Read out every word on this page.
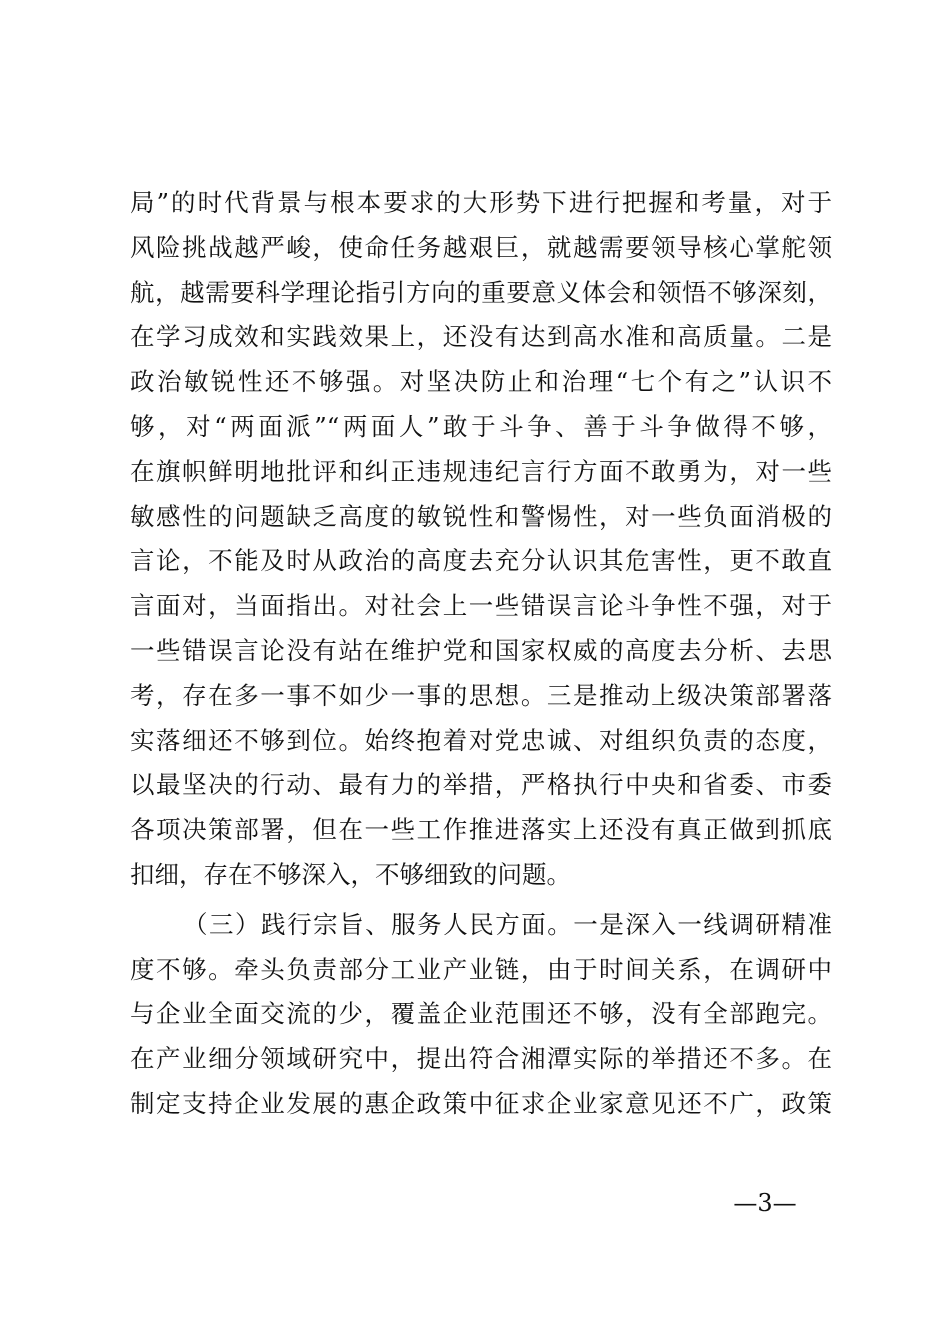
局”的时代背景与根本要求的大形势下进行把握和考量，对于
风险挑战越严峻，使命任务越艰巨，就越需要领导核心掌舵领
航，越需要科学理论指引方向的重要意义体会和领悟不够深刻，
在学习成效和实践效果上，还没有达到高水准和高质量。二是
政治敏锐性还不够强。对坚决防止和治理“七个有之”认识不
够，对“两面派”“两面人”敢于斗争、善于斗争做得不够，
在旗帜鲜明地批评和纠正违规违纪言行方面不敢勇为，对一些
敏感性的问题缺乏高度的敏锐性和警惕性，对一些负面消极的
言论，不能及时从政治的高度去充分认识其危害性，更不敢直
言面对，当面指出。对社会上一些错误言论斗争性不强，对于
一些错误言论没有站在维护党和国家权威的高度去分析、去思
考，存在多一事不如少一事的思想。三是推动上级决策部署落
实落细还不够到位。始终抱着对党忠诚、对组织负责的态度，
以最坚决的行动、最有力的举措，严格执行中央和省委、市委
各项决策部署，但在一些工作推进落实上还没有真正做到抓底
扣细，存在不够深入，不够细致的问题。
（三）践行宗旨、服务人民方面。一是深入一线调研精准
度不够。牵头负责部分工业产业链，由于时间关系，在调研中
与企业全面交流的少，覆盖企业范围还不够，没有全部跑完。
在产业细分领域研究中，提出符合湘潭实际的举措还不多。在
制定支持企业发展的惠企政策中征求企业家意见还不广，政策
—3—
